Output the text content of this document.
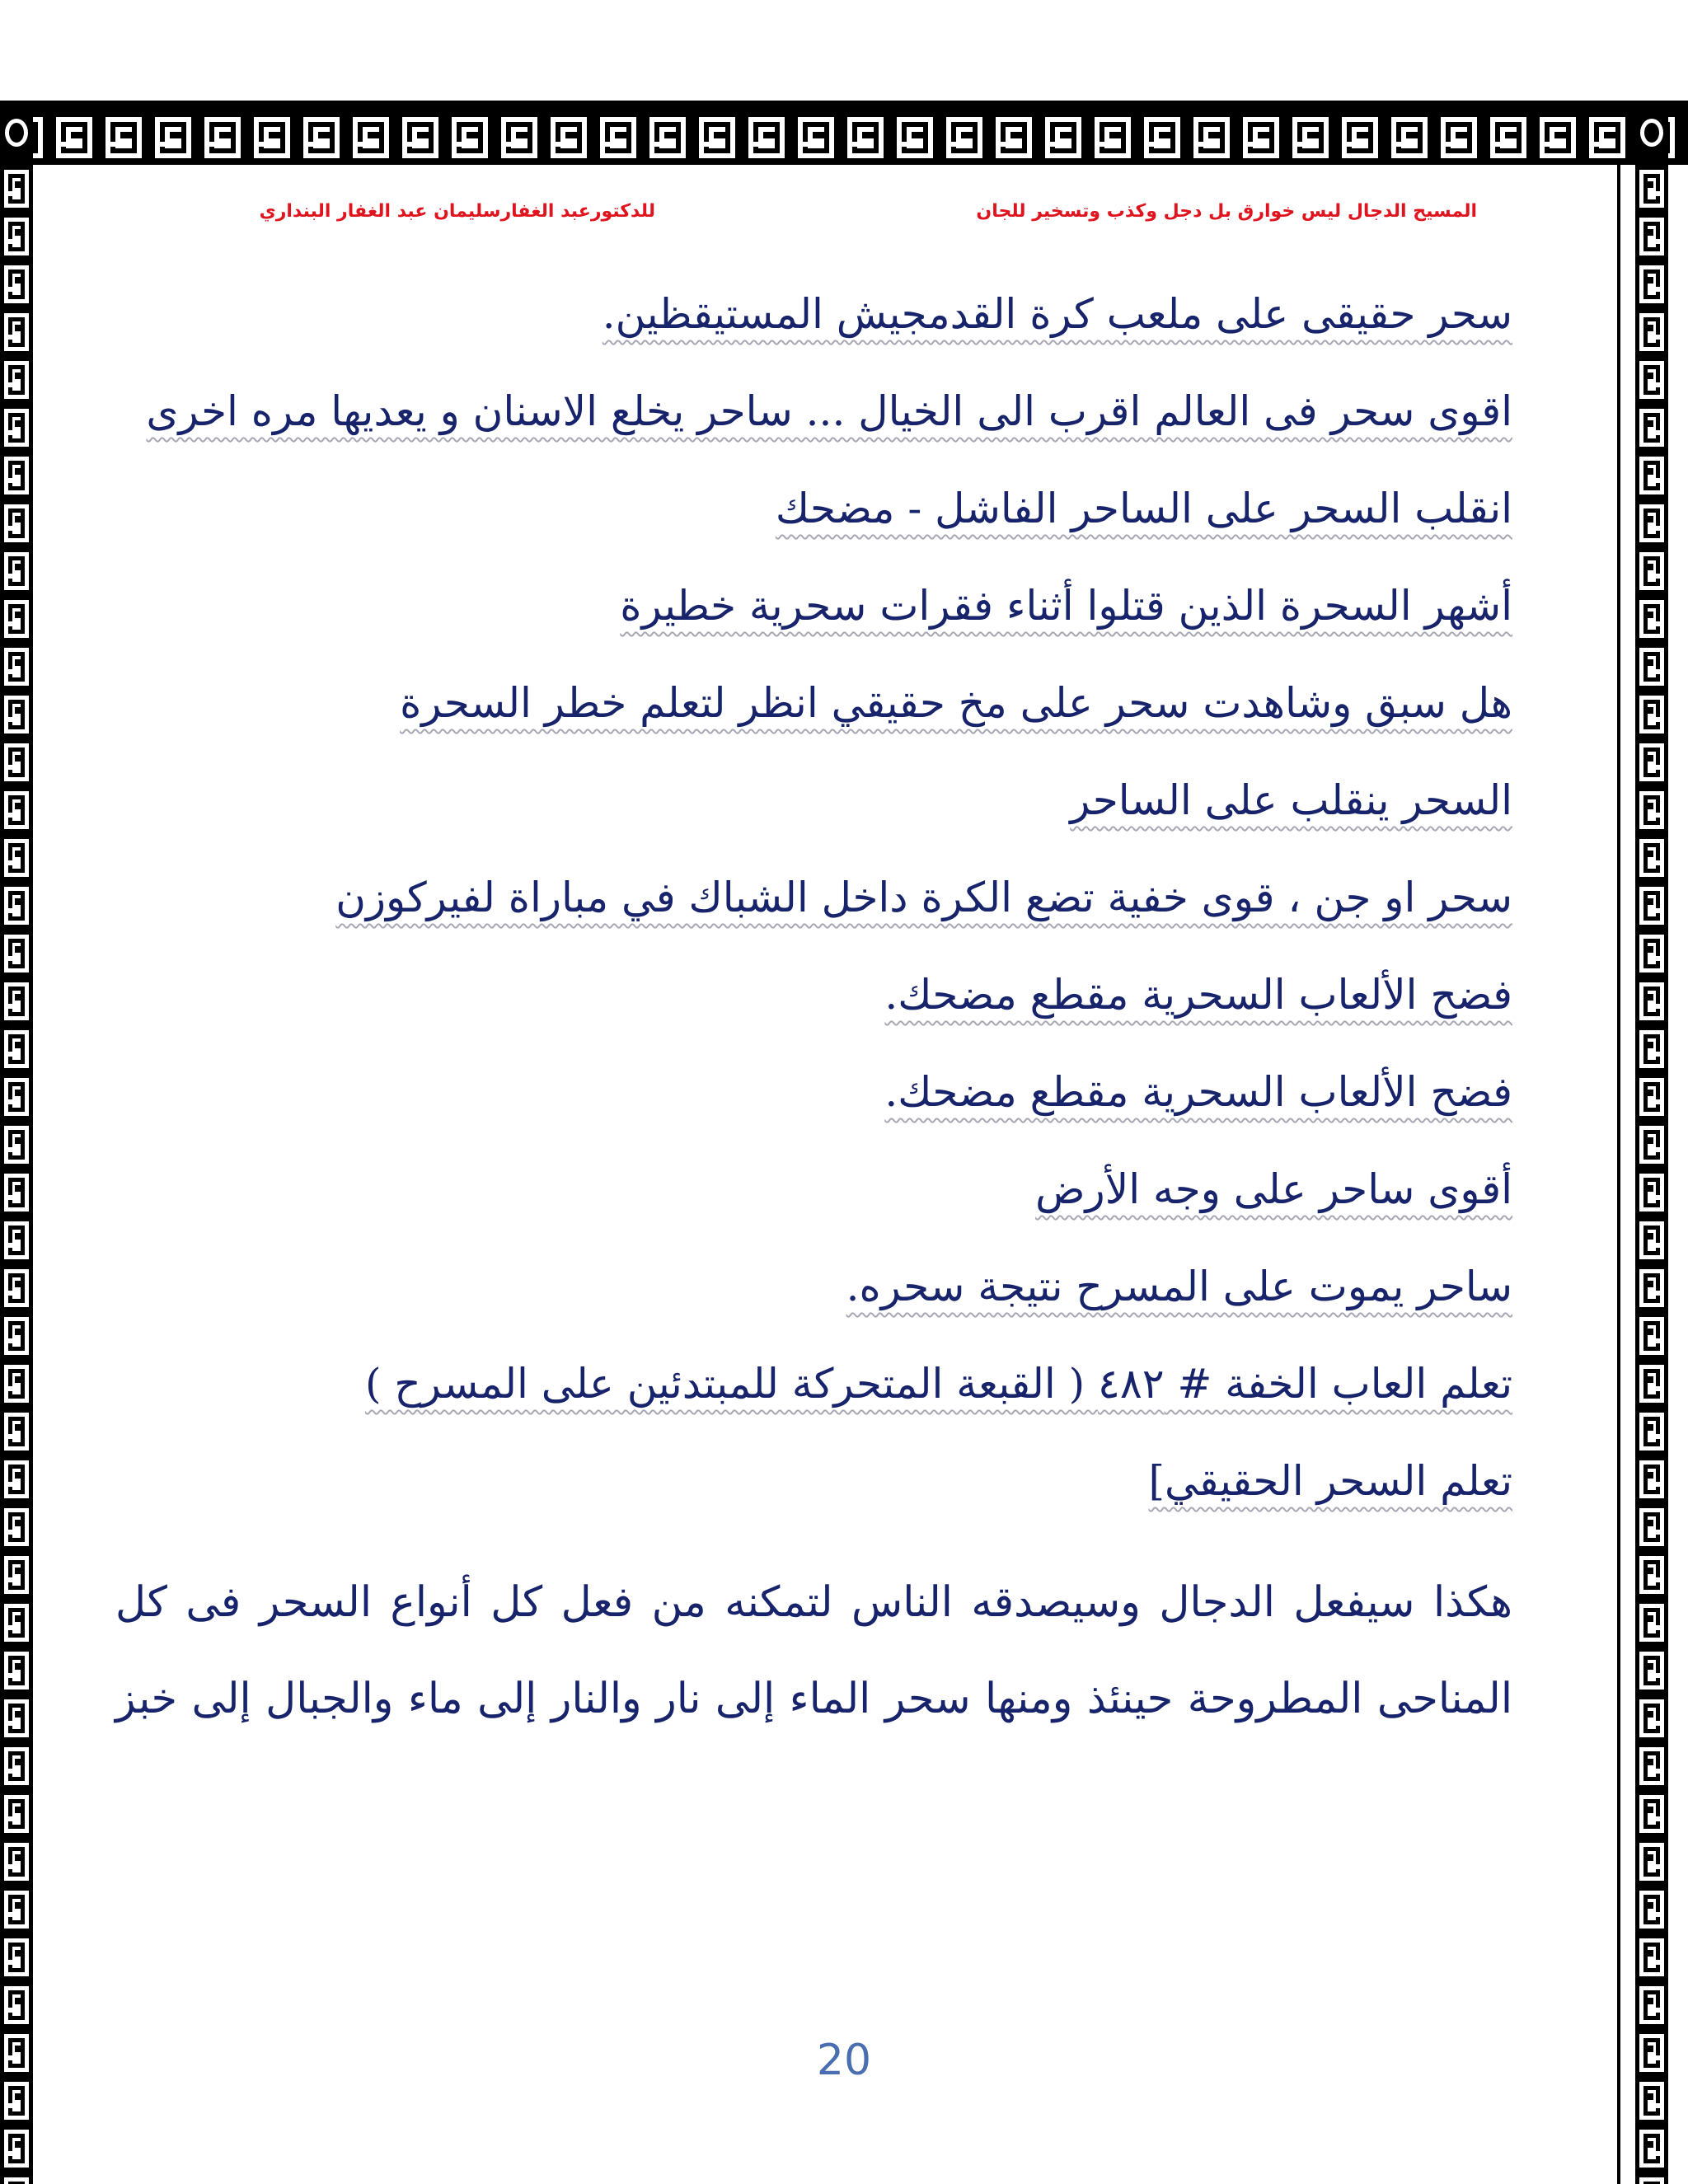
المسيح الدجال ليس خوارق بل دجل وكذب وتسخير للجان
للدكتورعبد الغفارسليمان عبد الغفار البنداري
سحر حقيقى على ملعب كرة القدمجيش المستيقظين.
اقوى سحر فى العالم اقرب الى الخيال ... ساحر يخلع الاسنان و يعديها مره اخرى
انقلب السحر على الساحر الفاشل - مضحك
أشهر السحرة الذين قتلوا أثناء فقرات سحرية خطيرة
هل سبق وشاهدت سحر على مخ حقيقي انظر لتعلم خطر السحرة
السحر ينقلب على الساحر
سحر او جن ، قوى خفية تضع الكرة داخل الشباك في مباراة لفيركوزن
فضح الألعاب السحرية مقطع مضحك.
فضح الألعاب السحرية مقطع مضحك.
أقوى ساحر على وجه الأرض
ساحر يموت على المسرح نتيجة سحره.
تعلم العاب الخفة # ٤٨٢ ( القبعة المتحركة للمبتدئين على المسرح )
تعلم السحر الحقيقي]
هكذا سيفعل الدجال وسيصدقه الناس لتمكنه من فعل كل أنواع السحر فى كل
المناحى المطروحة حينئذ ومنها سحر الماء إلى نار والنار إلى ماء والجبال إلى خبز
20
